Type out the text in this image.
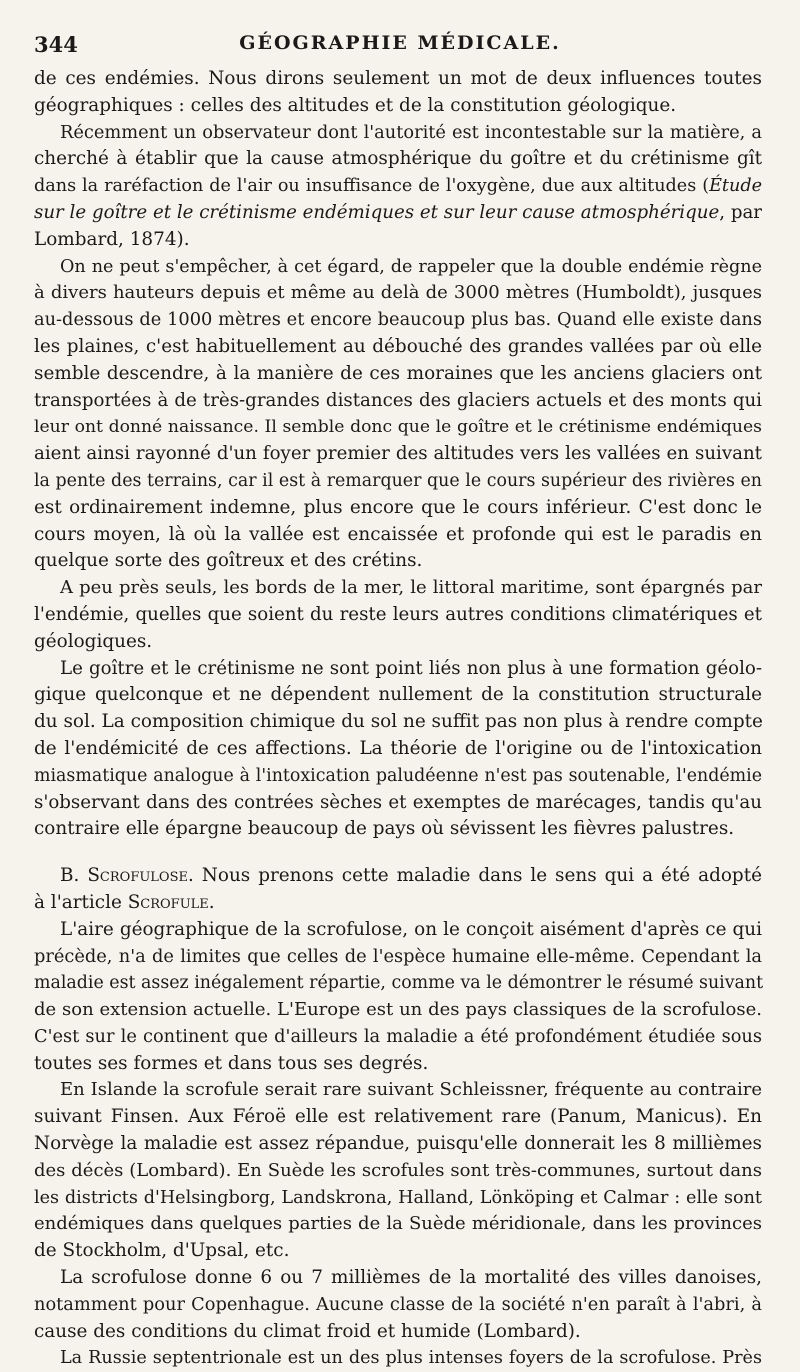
344	GÉOGRAPHIE MÉDICALE.
de ces endémies. Nous dirons seulement un mot de deux influences toutes
géographiques : celles des altitudes et de la constitution géologique.
Récemment un observateur dont l'autorité est incontestable sur la matière, a
cherché à établir que la cause atmosphérique du goître et du crétinisme gît
dans la raréfaction de l'air ou insuffisance de l'oxygène, due aux altitudes (Étude
sur le goître et le crétinisme endémiques et sur leur cause atmosphérique, par
Lombard, 1874).
On ne peut s'empêcher, à cet égard, de rappeler que la double endémie règne
à divers hauteurs depuis et même au delà de 3000 mètres (Humboldt), jusques
au-dessous de 1000 mètres et encore beaucoup plus bas. Quand elle existe dans
les plaines, c'est habituellement au débouché des grandes vallées par où elle
semble descendre, à la manière de ces moraines que les anciens glaciers ont
transportées à de très-grandes distances des glaciers actuels et des monts qui
leur ont donné naissance. Il semble donc que le goître et le crétinisme endémiques
aient ainsi rayonné d'un foyer premier des altitudes vers les vallées en suivant
la pente des terrains, car il est à remarquer que le cours supérieur des rivières en
est ordinairement indemne, plus encore que le cours inférieur. C'est donc le
cours moyen, là où la vallée est encaissée et profonde qui est le paradis en
quelque sorte des goîtreux et des crétins.
A peu près seuls, les bords de la mer, le littoral maritime, sont épargnés par
l'endémie, quelles que soient du reste leurs autres conditions climatériques et
géologiques.
Le goître et le crétinisme ne sont point liés non plus à une formation géolo-
gique quelconque et ne dépendent nullement de la constitution structurale
du sol. La composition chimique du sol ne suffit pas non plus à rendre compte
de l'endémicité de ces affections. La théorie de l'origine ou de l'intoxication
miasmatique analogue à l'intoxication paludéenne n'est pas soutenable, l'endémie
s'observant dans des contrées sèches et exemptes de marécages, tandis qu'au
contraire elle épargne beaucoup de pays où sévissent les fièvres palustres.
B. Scrofulose. Nous prenons cette maladie dans le sens qui a été adopté
à l'article Scrofule.
L'aire géographique de la scrofulose, on le conçoit aisément d'après ce qui
précède, n'a de limites que celles de l'espèce humaine elle-même. Cependant la
maladie est assez inégalement répartie, comme va le démontrer le résumé suivant
de son extension actuelle. L'Europe est un des pays classiques de la scrofulose.
C'est sur le continent que d'ailleurs la maladie a été profondément étudiée sous
toutes ses formes et dans tous ses degrés.
En Islande la scrofule serait rare suivant Schleissner, fréquente au contraire
suivant Finsen. Aux Féroë elle est relativement rare (Panum, Manicus). En
Norvège la maladie est assez répandue, puisqu'elle donnerait les 8 millièmes
des décès (Lombard). En Suède les scrofules sont très-communes, surtout dans
les districts d'Helsingborg, Landskrona, Halland, Lönköping et Calmar : elle sont
endémiques dans quelques parties de la Suède méridionale, dans les provinces
de Stockholm, d'Upsal, etc.
La scrofulose donne 6 ou 7 millièmes de la mortalité des villes danoises,
notamment pour Copenhague. Aucune classe de la société n'en paraît à l'abri, à
cause des conditions du climat froid et humide (Lombard).
La Russie septentrionale est un des plus intenses foyers de la scrofulose. Près
